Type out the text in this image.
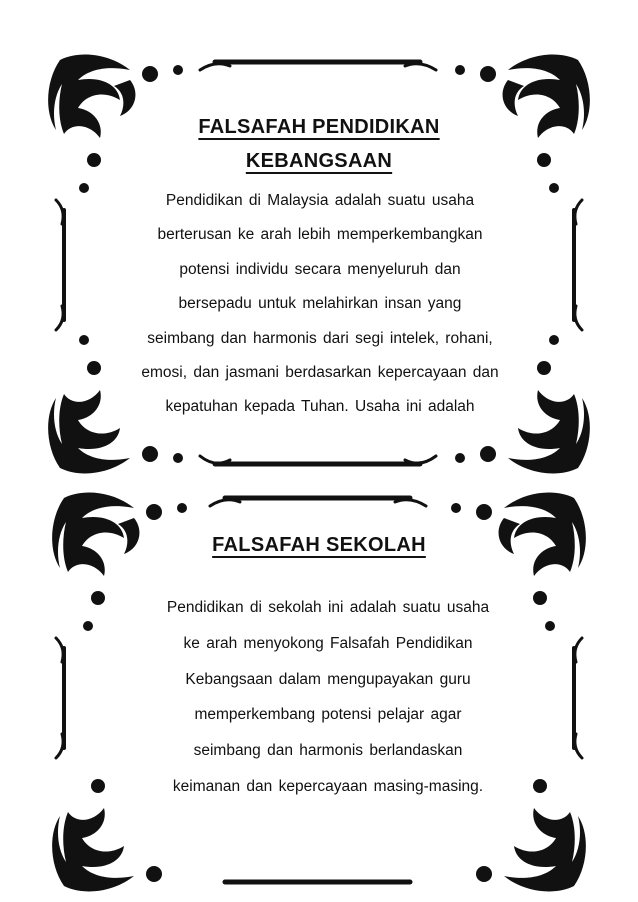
FALSAFAH PENDIDIKAN
KEBANGSAAN
Pendidikan di Malaysia adalah suatu usaha
berterusan ke arah lebih memperkembangkan
potensi individu secara menyeluruh dan
bersepadu untuk melahirkan insan yang
seimbang dan harmonis dari segi intelek, rohani,
emosi, dan jasmani berdasarkan kepercayaan dan
kepatuhan kepada Tuhan. Usaha ini adalah
FALSAFAH SEKOLAH
Pendidikan di sekolah ini adalah suatu usaha
ke arah menyokong Falsafah Pendidikan
Kebangsaan dalam mengupayakan guru
memperkembang potensi pelajar agar
seimbang dan harmonis berlandaskan
keimanan dan kepercayaan masing-masing.
